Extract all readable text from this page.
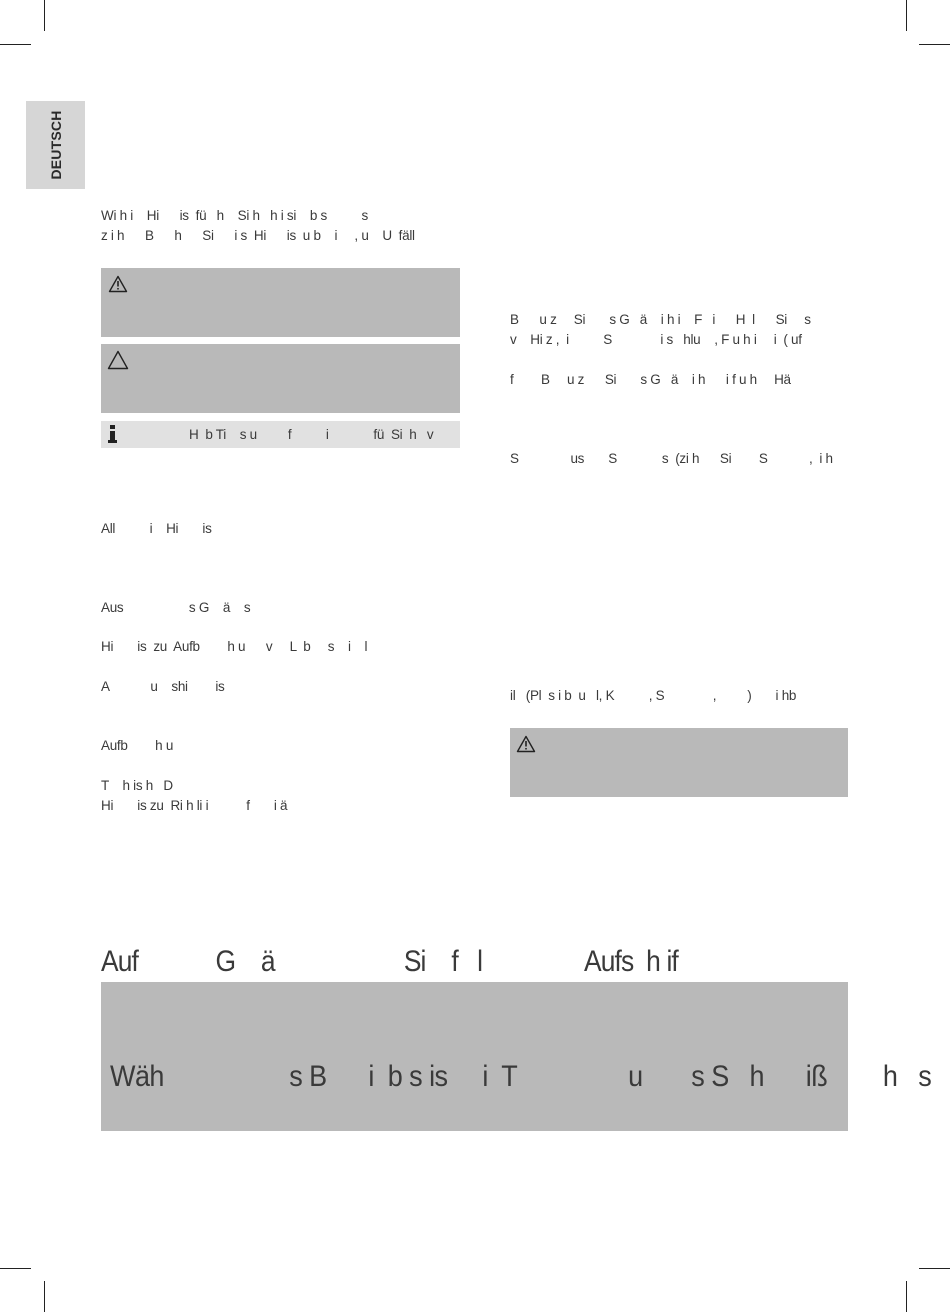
DEUTSCH
Wi h i    Hi      is  fü   h    Si h   h i si    b s          s
z i h      B      h      Si      i s  Hi      is  u b    i     , u    U  fäll
H  b Ti    s u         f          i             fü  Si  h   v
All          i    Hi       is
Aus                   s G    ä    s
Hi       is  zu  Aufb        h u      v     L  b     s    i    l
A            u    shi        is
Aufb        h u
T    h is h   D
Hi       is zu  Ri h li i           f       i ä
B      u z     Si       s G   ä    i h i    F   i      H  l      Si     s
v    Hi z ,  i          S              i s   hlu    , F u h i     i  ( uf
f        B     u z      Si       s G   ä    i h      i f u h     Hä
S               us       S             s  (zi h      Si        S            ,  i h
il   (Pl  s i b  u   l, K          , S              ,         )       i hb
Auf            G    ä                    Si    f   l                Aufs  h if
Wäh                  s B      i  b s is     i  T                u       s S   h      iß        h   s
